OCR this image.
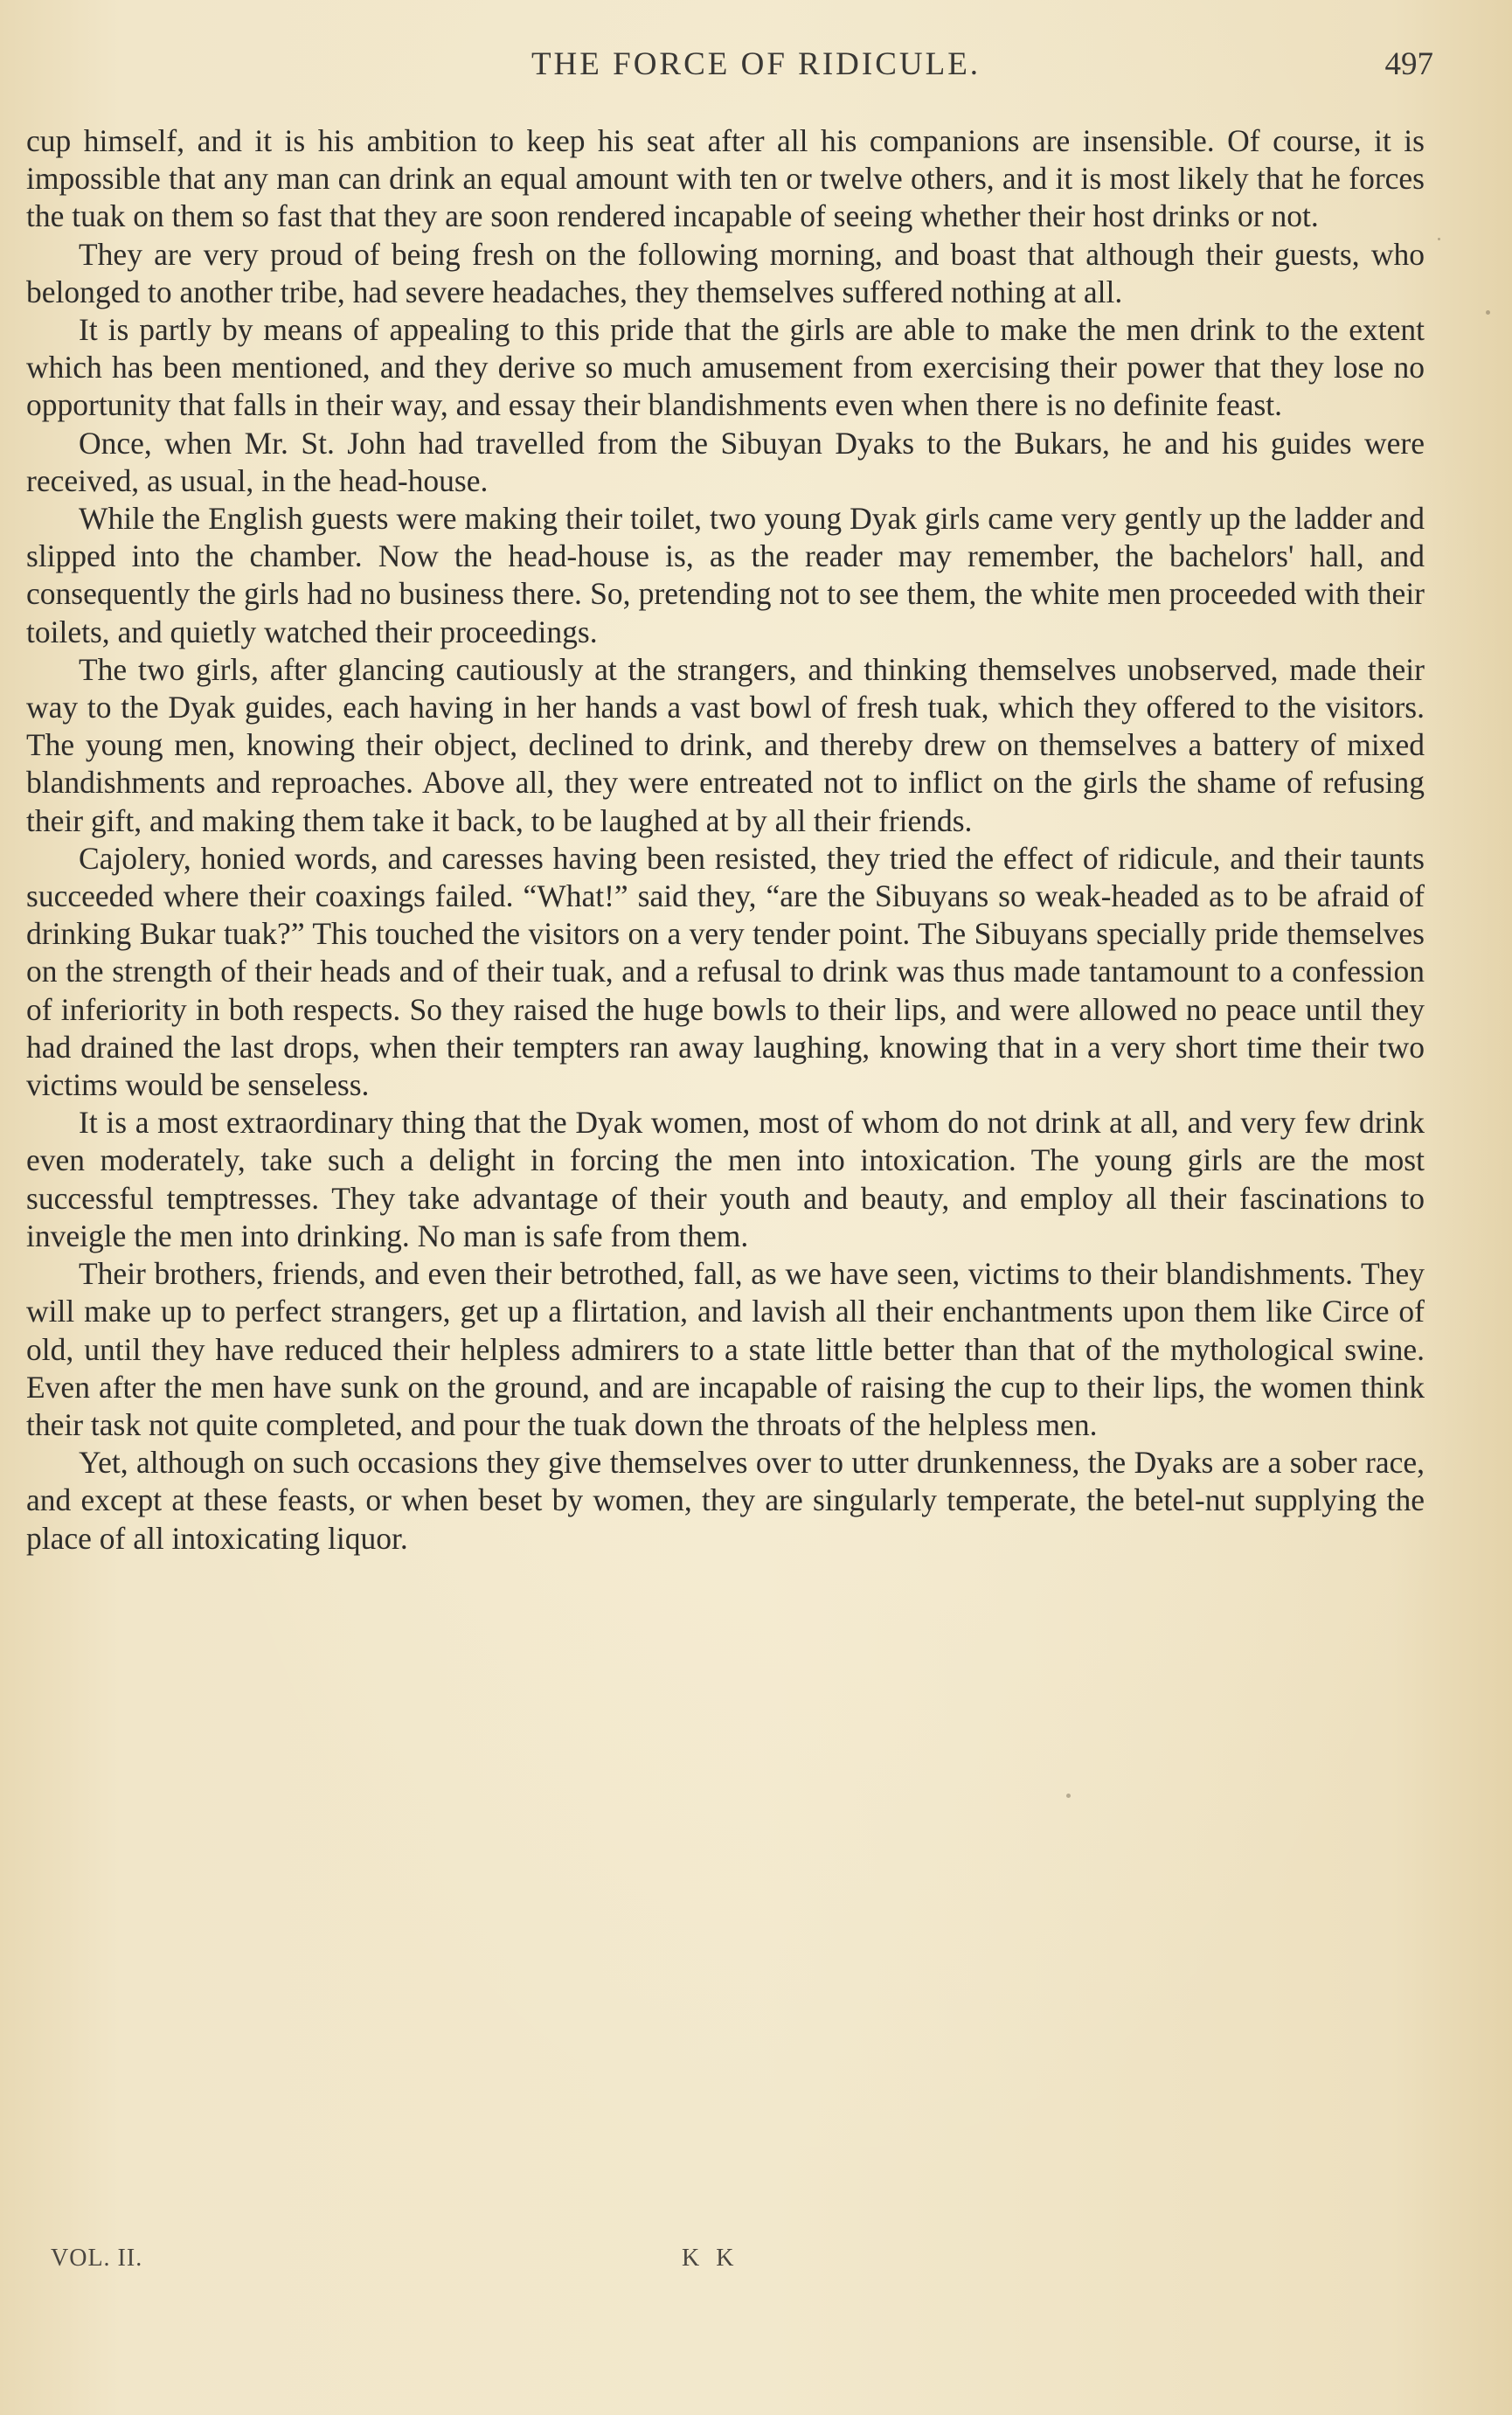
THE FORCE OF RIDICULE.	497

cup himself, and it is his ambition to keep his seat after all his companions are insensible. Of course, it is impossible that any man can drink an equal amount with ten or twelve others, and it is most likely that he forces the tuak on them so fast that they are soon rendered incapable of seeing whether their host drinks or not.

They are very proud of being fresh on the following morning, and boast that although their guests, who belonged to another tribe, had severe headaches, they themselves suffered nothing at all.

It is partly by means of appealing to this pride that the girls are able to make the men drink to the extent which has been mentioned, and they derive so much amusement from exercising their power that they lose no opportunity that falls in their way, and essay their blandishments even when there is no definite feast.

Once, when Mr. St. John had travelled from the Sibuyan Dyaks to the Bukars, he and his guides were received, as usual, in the head-house.

While the English guests were making their toilet, two young Dyak girls came very gently up the ladder and slipped into the chamber. Now the head-house is, as the reader may remember, the bachelors' hall, and consequently the girls had no business there. So, pretending not to see them, the white men proceeded with their toilets, and quietly watched their proceedings.

The two girls, after glancing cautiously at the strangers, and thinking themselves unobserved, made their way to the Dyak guides, each having in her hands a vast bowl of fresh tuak, which they offered to the visitors. The young men, knowing their object, declined to drink, and thereby drew on themselves a battery of mixed blandishments and reproaches. Above all, they were entreated not to inflict on the girls the shame of refusing their gift, and making them take it back, to be laughed at by all their friends.

Cajolery, honied words, and caresses having been resisted, they tried the effect of ridicule, and their taunts succeeded where their coaxings failed. “What!” said they, “are the Sibuyans so weak-headed as to be afraid of drinking Bukar tuak?” This touched the visitors on a very tender point. The Sibuyans specially pride themselves on the strength of their heads and of their tuak, and a refusal to drink was thus made tantamount to a confession of inferiority in both respects. So they raised the huge bowls to their lips, and were allowed no peace until they had drained the last drops, when their tempters ran away laughing, knowing that in a very short time their two victims would be senseless.

It is a most extraordinary thing that the Dyak women, most of whom do not drink at all, and very few drink even moderately, take such a delight in forcing the men into intoxication. The young girls are the most successful temptresses. They take advantage of their youth and beauty, and employ all their fascinations to inveigle the men into drinking. No man is safe from them.

Their brothers, friends, and even their betrothed, fall, as we have seen, victims to their blandishments. They will make up to perfect strangers, get up a flirtation, and lavish all their enchantments upon them like Circe of old, until they have reduced their helpless admirers to a state little better than that of the mythological swine. Even after the men have sunk on the ground, and are incapable of raising the cup to their lips, the women think their task not quite completed, and pour the tuak down the throats of the helpless men.

Yet, although on such occasions they give themselves over to utter drunkenness, the Dyaks are a sober race, and except at these feasts, or when beset by women, they are singularly temperate, the betel-nut supplying the place of all intoxicating liquor.

VOL. II.	K K
